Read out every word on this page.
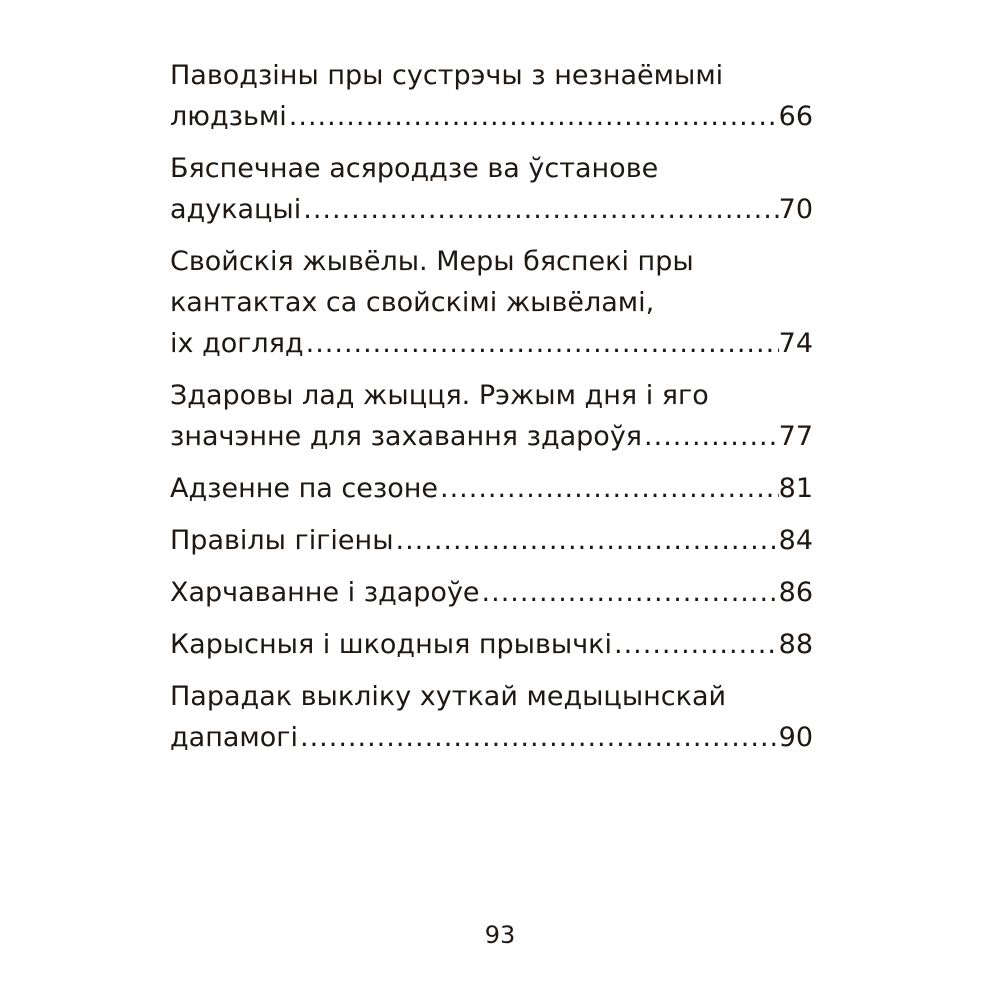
Паводзіны пры сустрэчы з незнаёмымі
людзьмі .....	66
Бяспечнае асяроддзе ва ўстанове
адукацыі .....	70
Свойскія жывёлы. Меры бяспекі пры
кантактах са свойскімі жывёламі,
іх догляд .....	74
Здаровы лад жыцця. Рэжым дня і яго
значэнне для захавання здароўя .....	77
Адзенне па сезоне .....	81
Правілы гігіены .....	84
Харчаванне і здароўе .....	86
Карысныя і шкодныя прывычкі .....	88
Парадак выкліку хуткай медыцынскай
дапамогі .....	90
93
